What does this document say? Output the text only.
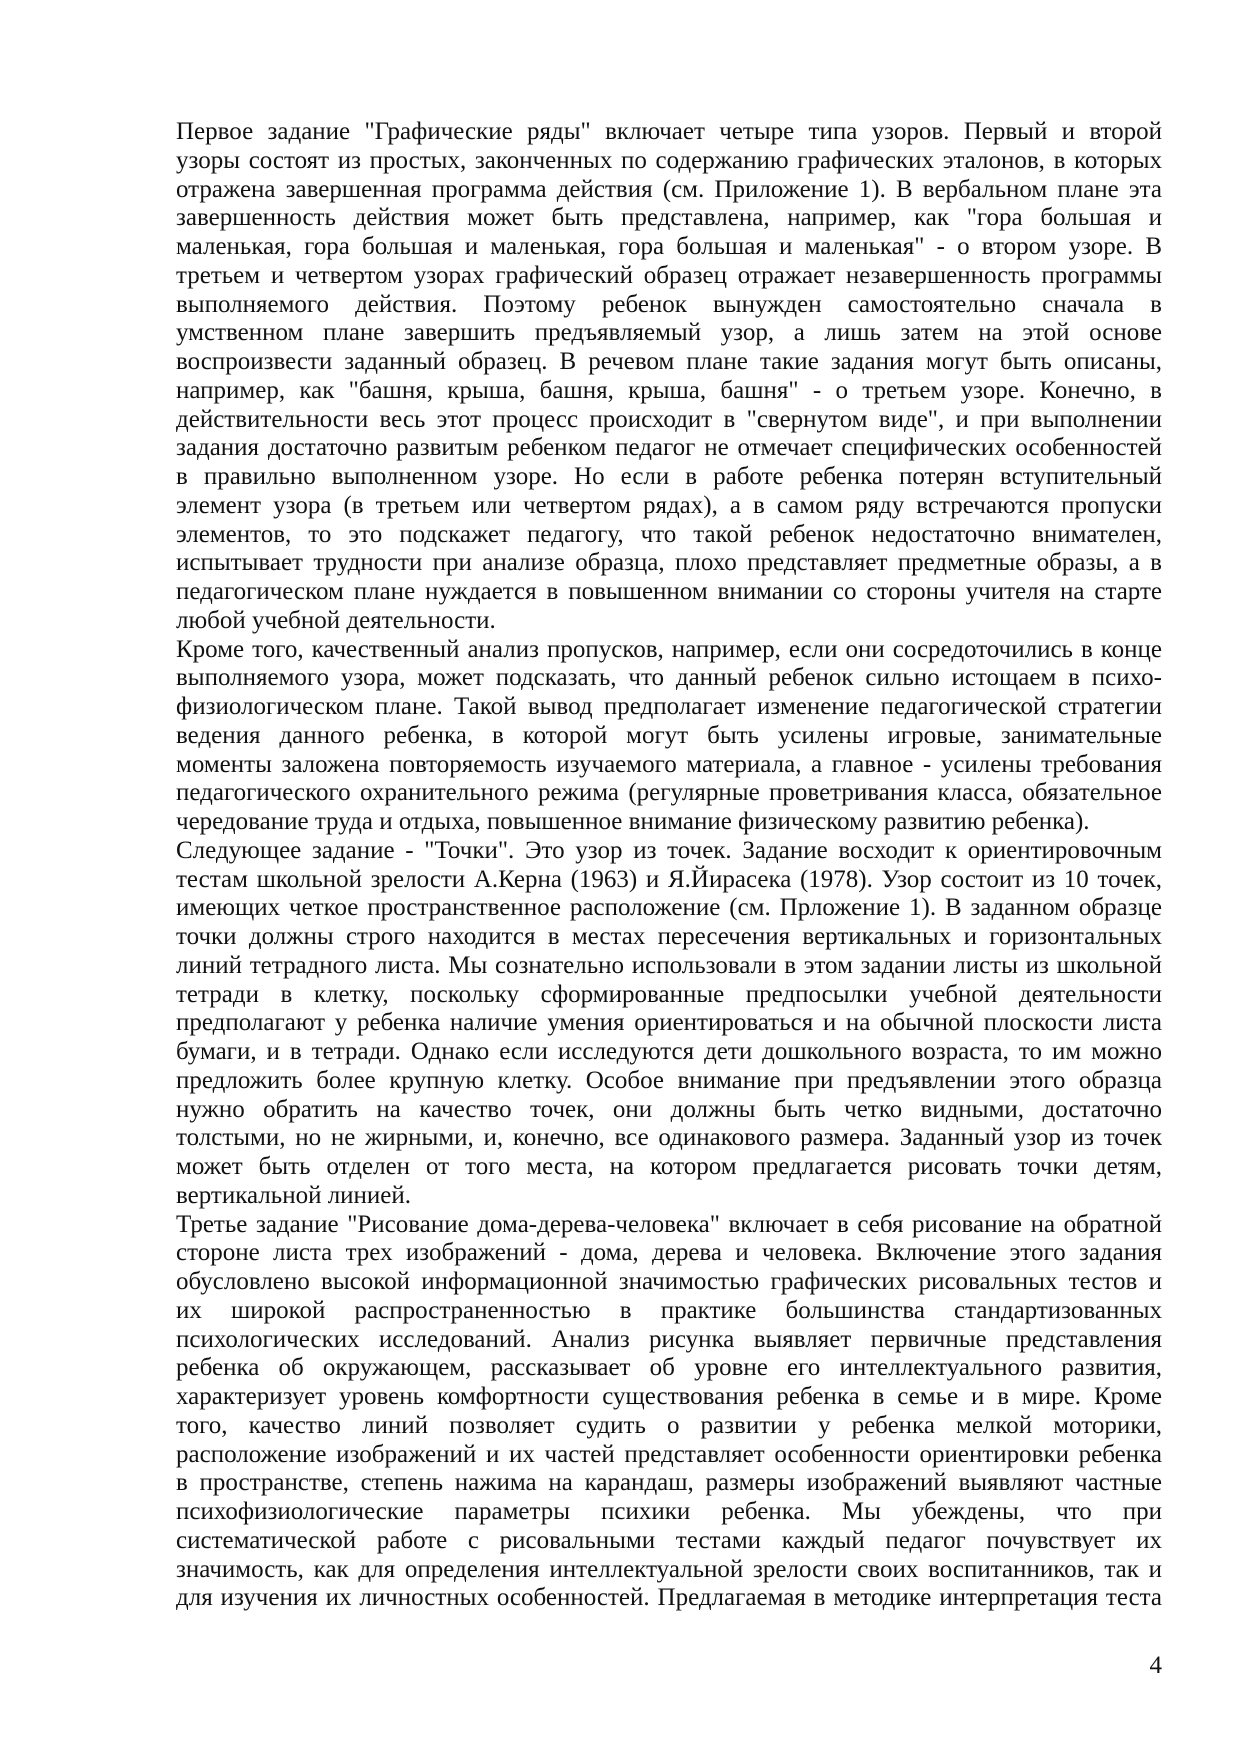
Первое задание "Графические ряды" включает четыре типа узоров. Первый и второй
узоры состоят из простых, законченных по содержанию графических эталонов, в которых
отражена завершенная программа действия (см. Приложение 1). В вербальном плане эта
завершенность действия может быть представлена, например, как "гора большая и
маленькая, гора большая и маленькая, гора большая и маленькая" - о втором узоре. В
третьем и четвертом узорах графический образец отражает незавершенность программы
выполняемого действия. Поэтому ребенок вынужден самостоятельно сначала в
умственном плане завершить предъявляемый узор, а лишь затем на этой основе
воспроизвести заданный образец. В речевом плане такие задания могут быть описаны,
например, как "башня, крыша, башня, крыша, башня" - о третьем узоре. Конечно, в
действительности весь этот процесс происходит в "свернутом виде", и при выполнении
задания достаточно развитым ребенком педагог не отмечает специфических особенностей
в правильно выполненном узоре. Но если в работе ребенка потерян вступительный
элемент узора (в третьем или четвертом рядах), а в самом ряду встречаются пропуски
элементов, то это подскажет педагогу, что такой ребенок недостаточно внимателен,
испытывает трудности при анализе образца, плохо представляет предметные образы, а в
педагогическом плане нуждается в повышенном внимании со стороны учителя на старте
любой учебной деятельности.
Кроме того, качественный анализ пропусков, например, если они сосредоточились в конце
выполняемого узора, может подсказать, что данный ребенок сильно истощаем в психо-
физиологическом плане. Такой вывод предполагает изменение педагогической стратегии
ведения данного ребенка, в которой могут быть усилены игровые, занимательные
моменты заложена повторяемость изучаемого материала, а главное - усилены требования
педагогического охранительного режима (регулярные проветривания класса, обязательное
чередование труда и отдыха, повышенное внимание физическому развитию ребенка).
Следующее задание - "Точки". Это узор из точек. Задание восходит к ориентировочным
тестам школьной зрелости А.Керна (1963) и Я.Йирасека (1978). Узор состоит из 10 точек,
имеющих четкое пространственное расположение (см. Прложение 1). В заданном образце
точки должны строго находится в местах пересечения вертикальных и горизонтальных
линий тетрадного листа. Мы сознательно использовали в этом задании листы из школьной
тетради в клетку, поскольку сформированные предпосылки учебной деятельности
предполагают у ребенка наличие умения ориентироваться и на обычной плоскости листа
бумаги, и в тетради. Однако если исследуются дети дошкольного возраста, то им можно
предложить более крупную клетку. Особое внимание при предъявлении этого образца
нужно обратить на качество точек, они должны быть четко видными, достаточно
толстыми, но не жирными, и, конечно, все одинакового размера. Заданный узор из точек
может быть отделен от того места, на котором предлагается рисовать точки детям,
вертикальной линией.
Третье задание "Рисование дома-дерева-человека" включает в себя рисование на обратной
стороне листа трех изображений - дома, дерева и человека. Включение этого задания
обусловлено высокой информационной значимостью графических рисовальных тестов и
их широкой распространенностью в практике большинства стандартизованных
психологических исследований. Анализ рисунка выявляет первичные представления
ребенка об окружающем, рассказывает об уровне его интеллектуального развития,
характеризует уровень комфортности существования ребенка в семье и в мире. Кроме
того, качество линий позволяет судить о развитии у ребенка мелкой моторики,
расположение изображений и их частей представляет особенности ориентировки ребенка
в пространстве, степень нажима на карандаш, размеры изображений выявляют частные
психофизиологические параметры психики ребенка. Мы убеждены, что при
систематической работе с рисовальными тестами каждый педагог почувствует их
значимость, как для определения интеллектуальной зрелости своих воспитанников, так и
для изучения их личностных особенностей. Предлагаемая в методике интерпретация теста
4
